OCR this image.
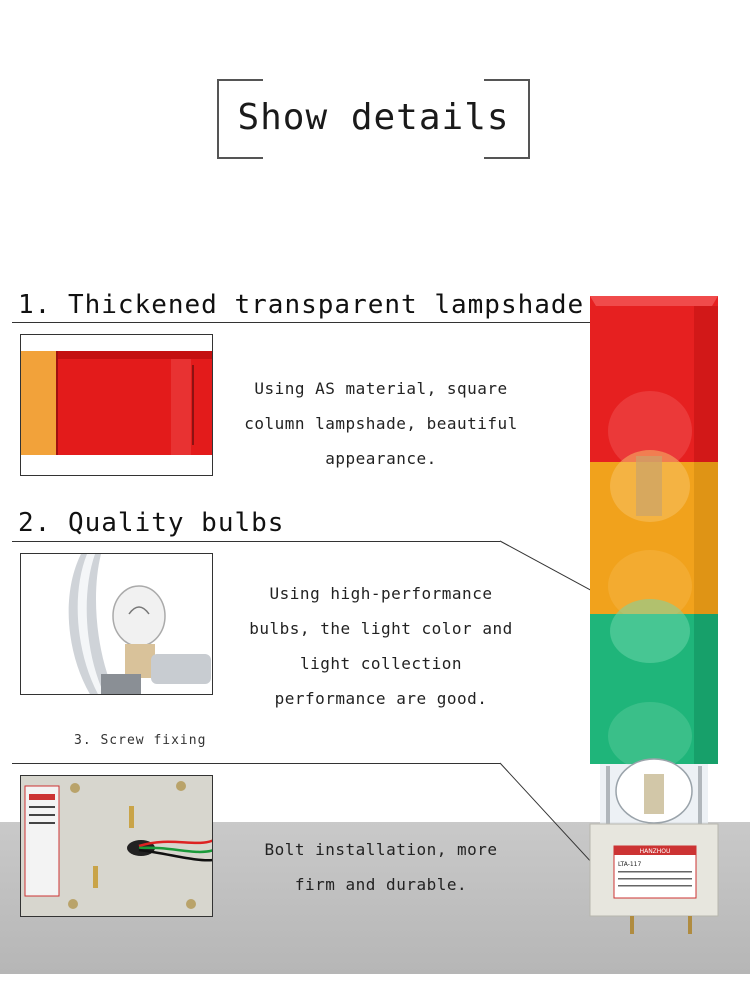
Show details
1. Thickened transparent lampshade
Using AS material, square
column lampshade, beautiful
appearance.
2. Quality bulbs
Using high-performance
bulbs, the light color and
light collection
performance are good.
3. Screw fixing
Bolt installation, more
firm and durable.
HANZHOU
LTA-117
